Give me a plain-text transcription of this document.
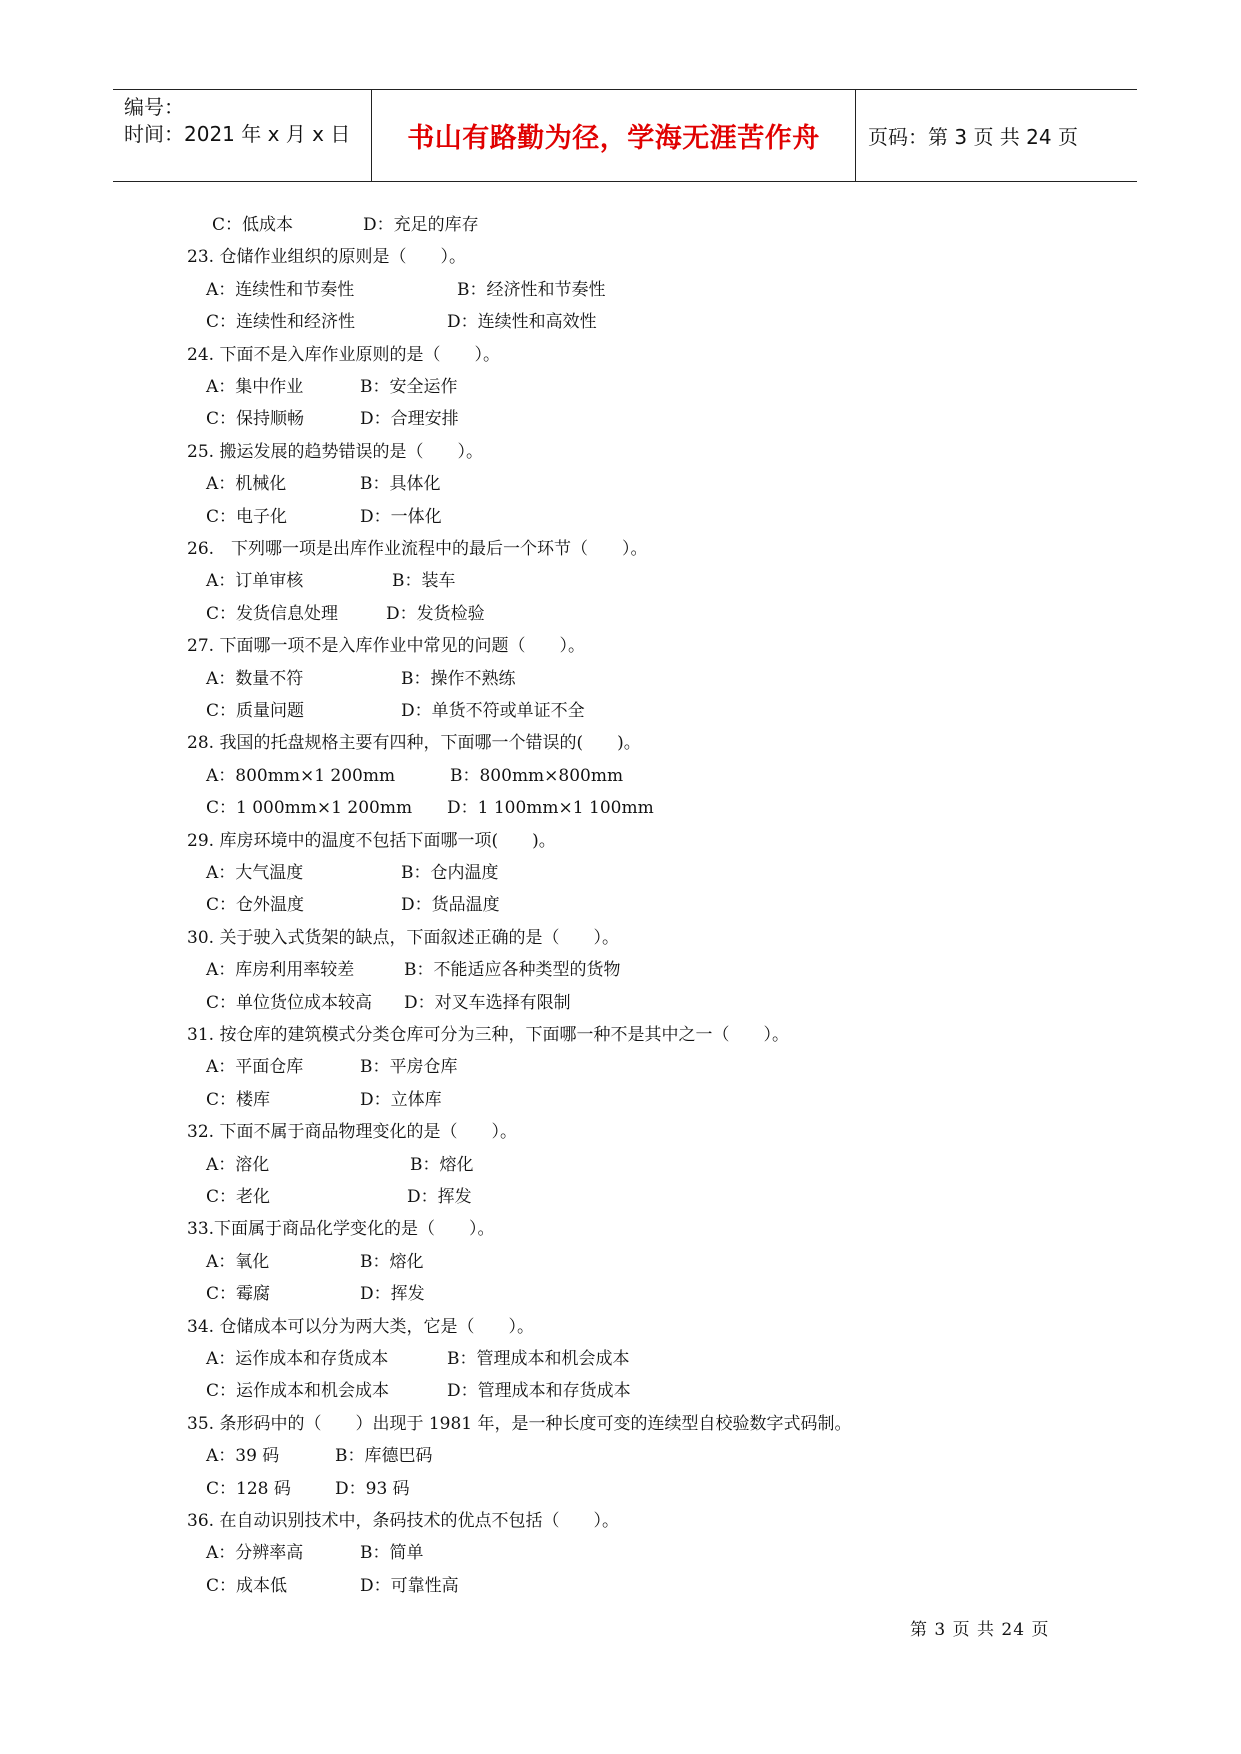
编号：
时间：2021 年 x 月 x 日	书山有路勤为径，学海无涯苦作舟	页码：第 3 页 共 24 页
C：低成本	D：充足的库存
23. 仓储作业组织的原则是（　　）。
A：连续性和节奏性	B：经济性和节奏性
C：连续性和经济性	D：连续性和高效性
24. 下面不是入库作业原则的是（　　）。
A：集中作业	B：安全运作
C：保持顺畅	D：合理安排
25. 搬运发展的趋势错误的是（　　）。
A：机械化	B：具体化
C：电子化	D：一体化
26.　下列哪一项是出库作业流程中的最后一个环节（　　）。
A：订单审核	B：装车
C：发货信息处理	D：发货检验
27. 下面哪一项不是入库作业中常见的问题（　　）。
A：数量不符	B：操作不熟练
C：质量问题	D：单货不符或单证不全
28. 我国的托盘规格主要有四种，下面哪一个错误的(　　)。
A：800mm×1 200mm	B：800mm×800mm
C：1 000mm×1 200mm D：1 100mm×1 100mm
29. 库房环境中的温度不包括下面哪一项(　　)。
A：大气温度	B：仓内温度
C：仓外温度	D：货品温度
30. 关于驶入式货架的缺点，下面叙述正确的是（　　）。
A：库房利用率较差	B：不能适应各种类型的货物
C：单位货位成本较高 D：对叉车选择有限制
31. 按仓库的建筑模式分类仓库可分为三种，下面哪一种不是其中之一（　　）。
A：平面仓库	B：平房仓库
C：楼库	D：立体库
32. 下面不属于商品物理变化的是（　　）。
A：溶化	B：熔化
C：老化	D：挥发
33.下面属于商品化学变化的是（　　）。
A：氧化	B：熔化
C：霉腐	D：挥发
34. 仓储成本可以分为两大类，它是（　　）。
A：运作成本和存货成本	B：管理成本和机会成本
C：运作成本和机会成本	D：管理成本和存货成本
35. 条形码中的（　　）出现于 1981 年，是一种长度可变的连续型自校验数字式码制。
A：39 码	B：库德巴码
C：128 码	D：93 码
36. 在自动识别技术中，条码技术的优点不包括（　　）。
A：分辨率高	B：简单
C：成本低	D：可靠性高
第 3 页 共 24 页
